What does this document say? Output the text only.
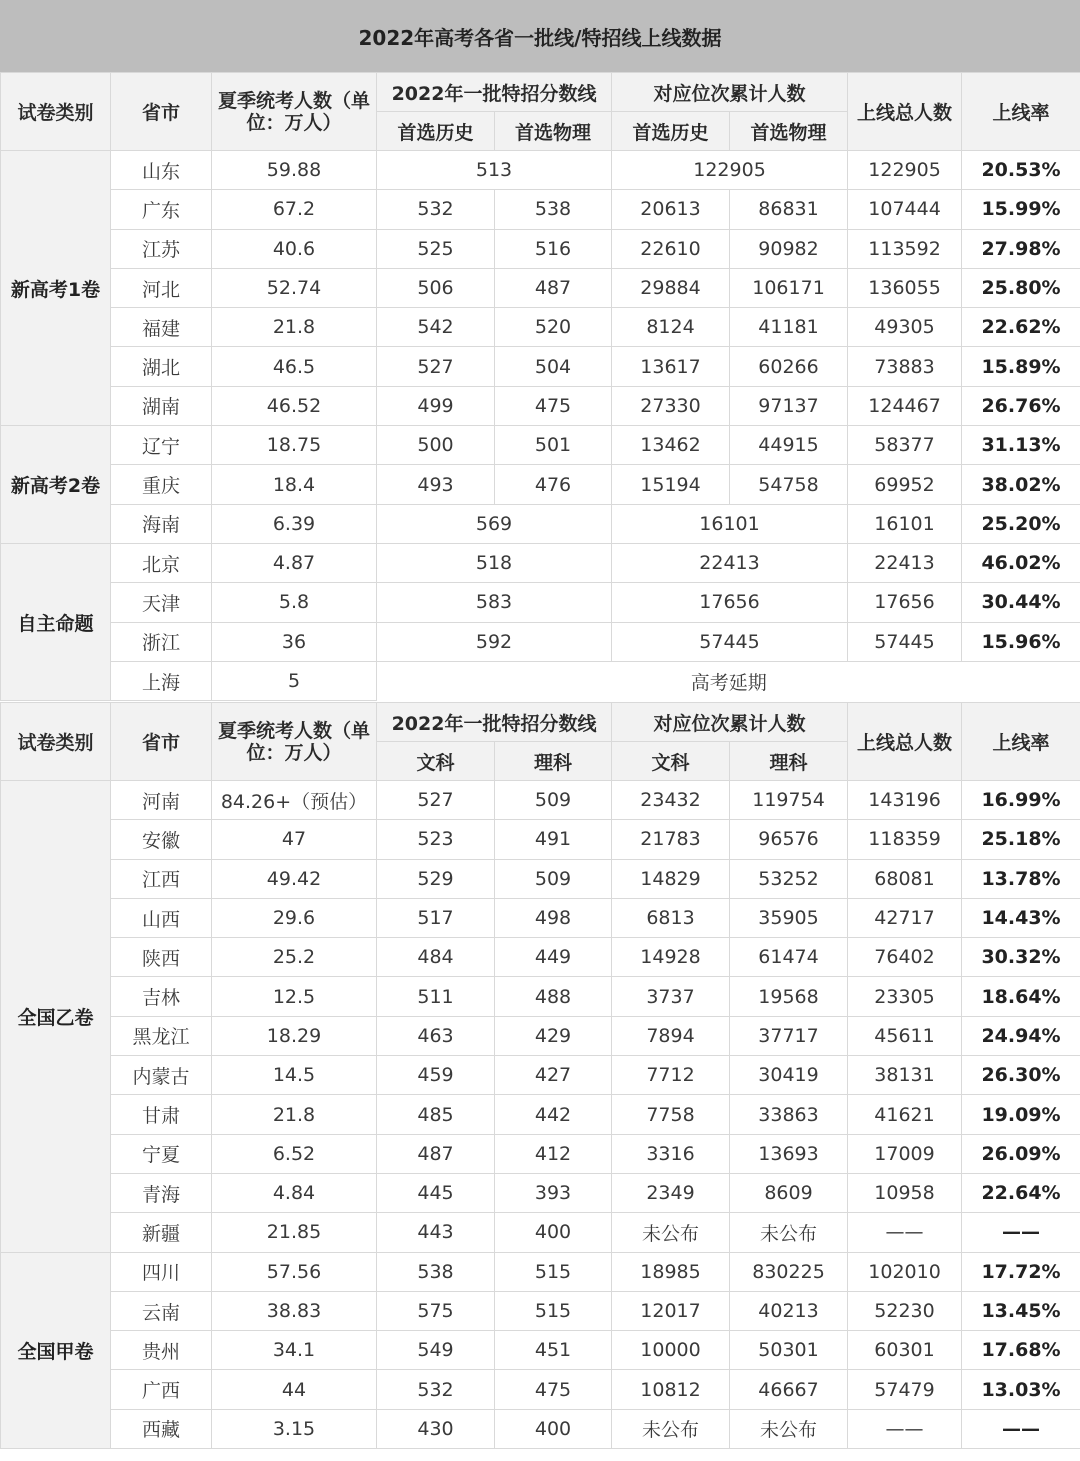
2022年高考各省一批线/特招线上线数据
试卷类别	省市	夏季统考人数（单位：万人）	2022年一批特招分数线		对应位次累计人数		上线总人数	上线率
			首选历史	首选物理	首选历史	首选物理		
新高考1卷	山东	59.88	513		122905		122905	20.53%
	广东	67.2	532	538	20613	86831	107444	15.99%
	江苏	40.6	525	516	22610	90982	113592	27.98%
	河北	52.74	506	487	29884	106171	136055	25.80%
	福建	21.8	542	520	8124	41181	49305	22.62%
	湖北	46.5	527	504	13617	60266	73883	15.89%
	湖南	46.52	499	475	27330	97137	124467	26.76%
新高考2卷	辽宁	18.75	500	501	13462	44915	58377	31.13%
	重庆	18.4	493	476	15194	54758	69952	38.02%
	海南	6.39	569		16101		16101	25.20%
自主命题	北京	4.87	518		22413		22413	46.02%
	天津	5.8	583		17656		17656	30.44%
	浙江	36	592		57445		57445	15.96%
	上海	5	高考延期					
试卷类别	省市	夏季统考人数（单位：万人）	2022年一批特招分数线		对应位次累计人数		上线总人数	上线率
			文科	理科	文科	理科		
全国乙卷	河南	84.26+（预估）	527	509	23432	119754	143196	16.99%
	安徽	47	523	491	21783	96576	118359	25.18%
	江西	49.42	529	509	14829	53252	68081	13.78%
	山西	29.6	517	498	6813	35905	42717	14.43%
	陕西	25.2	484	449	14928	61474	76402	30.32%
	吉林	12.5	511	488	3737	19568	23305	18.64%
	黑龙江	18.29	463	429	7894	37717	45611	24.94%
	内蒙古	14.5	459	427	7712	30419	38131	26.30%
	甘肃	21.8	485	442	7758	33863	41621	19.09%
	宁夏	6.52	487	412	3316	13693	17009	26.09%
	青海	4.84	445	393	2349	8609	10958	22.64%
	新疆	21.85	443	400	未公布	未公布	——	——
全国甲卷	四川	57.56	538	515	18985	830225	102010	17.72%
	云南	38.83	575	515	12017	40213	52230	13.45%
	贵州	34.1	549	451	10000	50301	60301	17.68%
	广西	44	532	475	10812	46667	57479	13.03%
	西藏	3.15	430	400	未公布	未公布	——	——
